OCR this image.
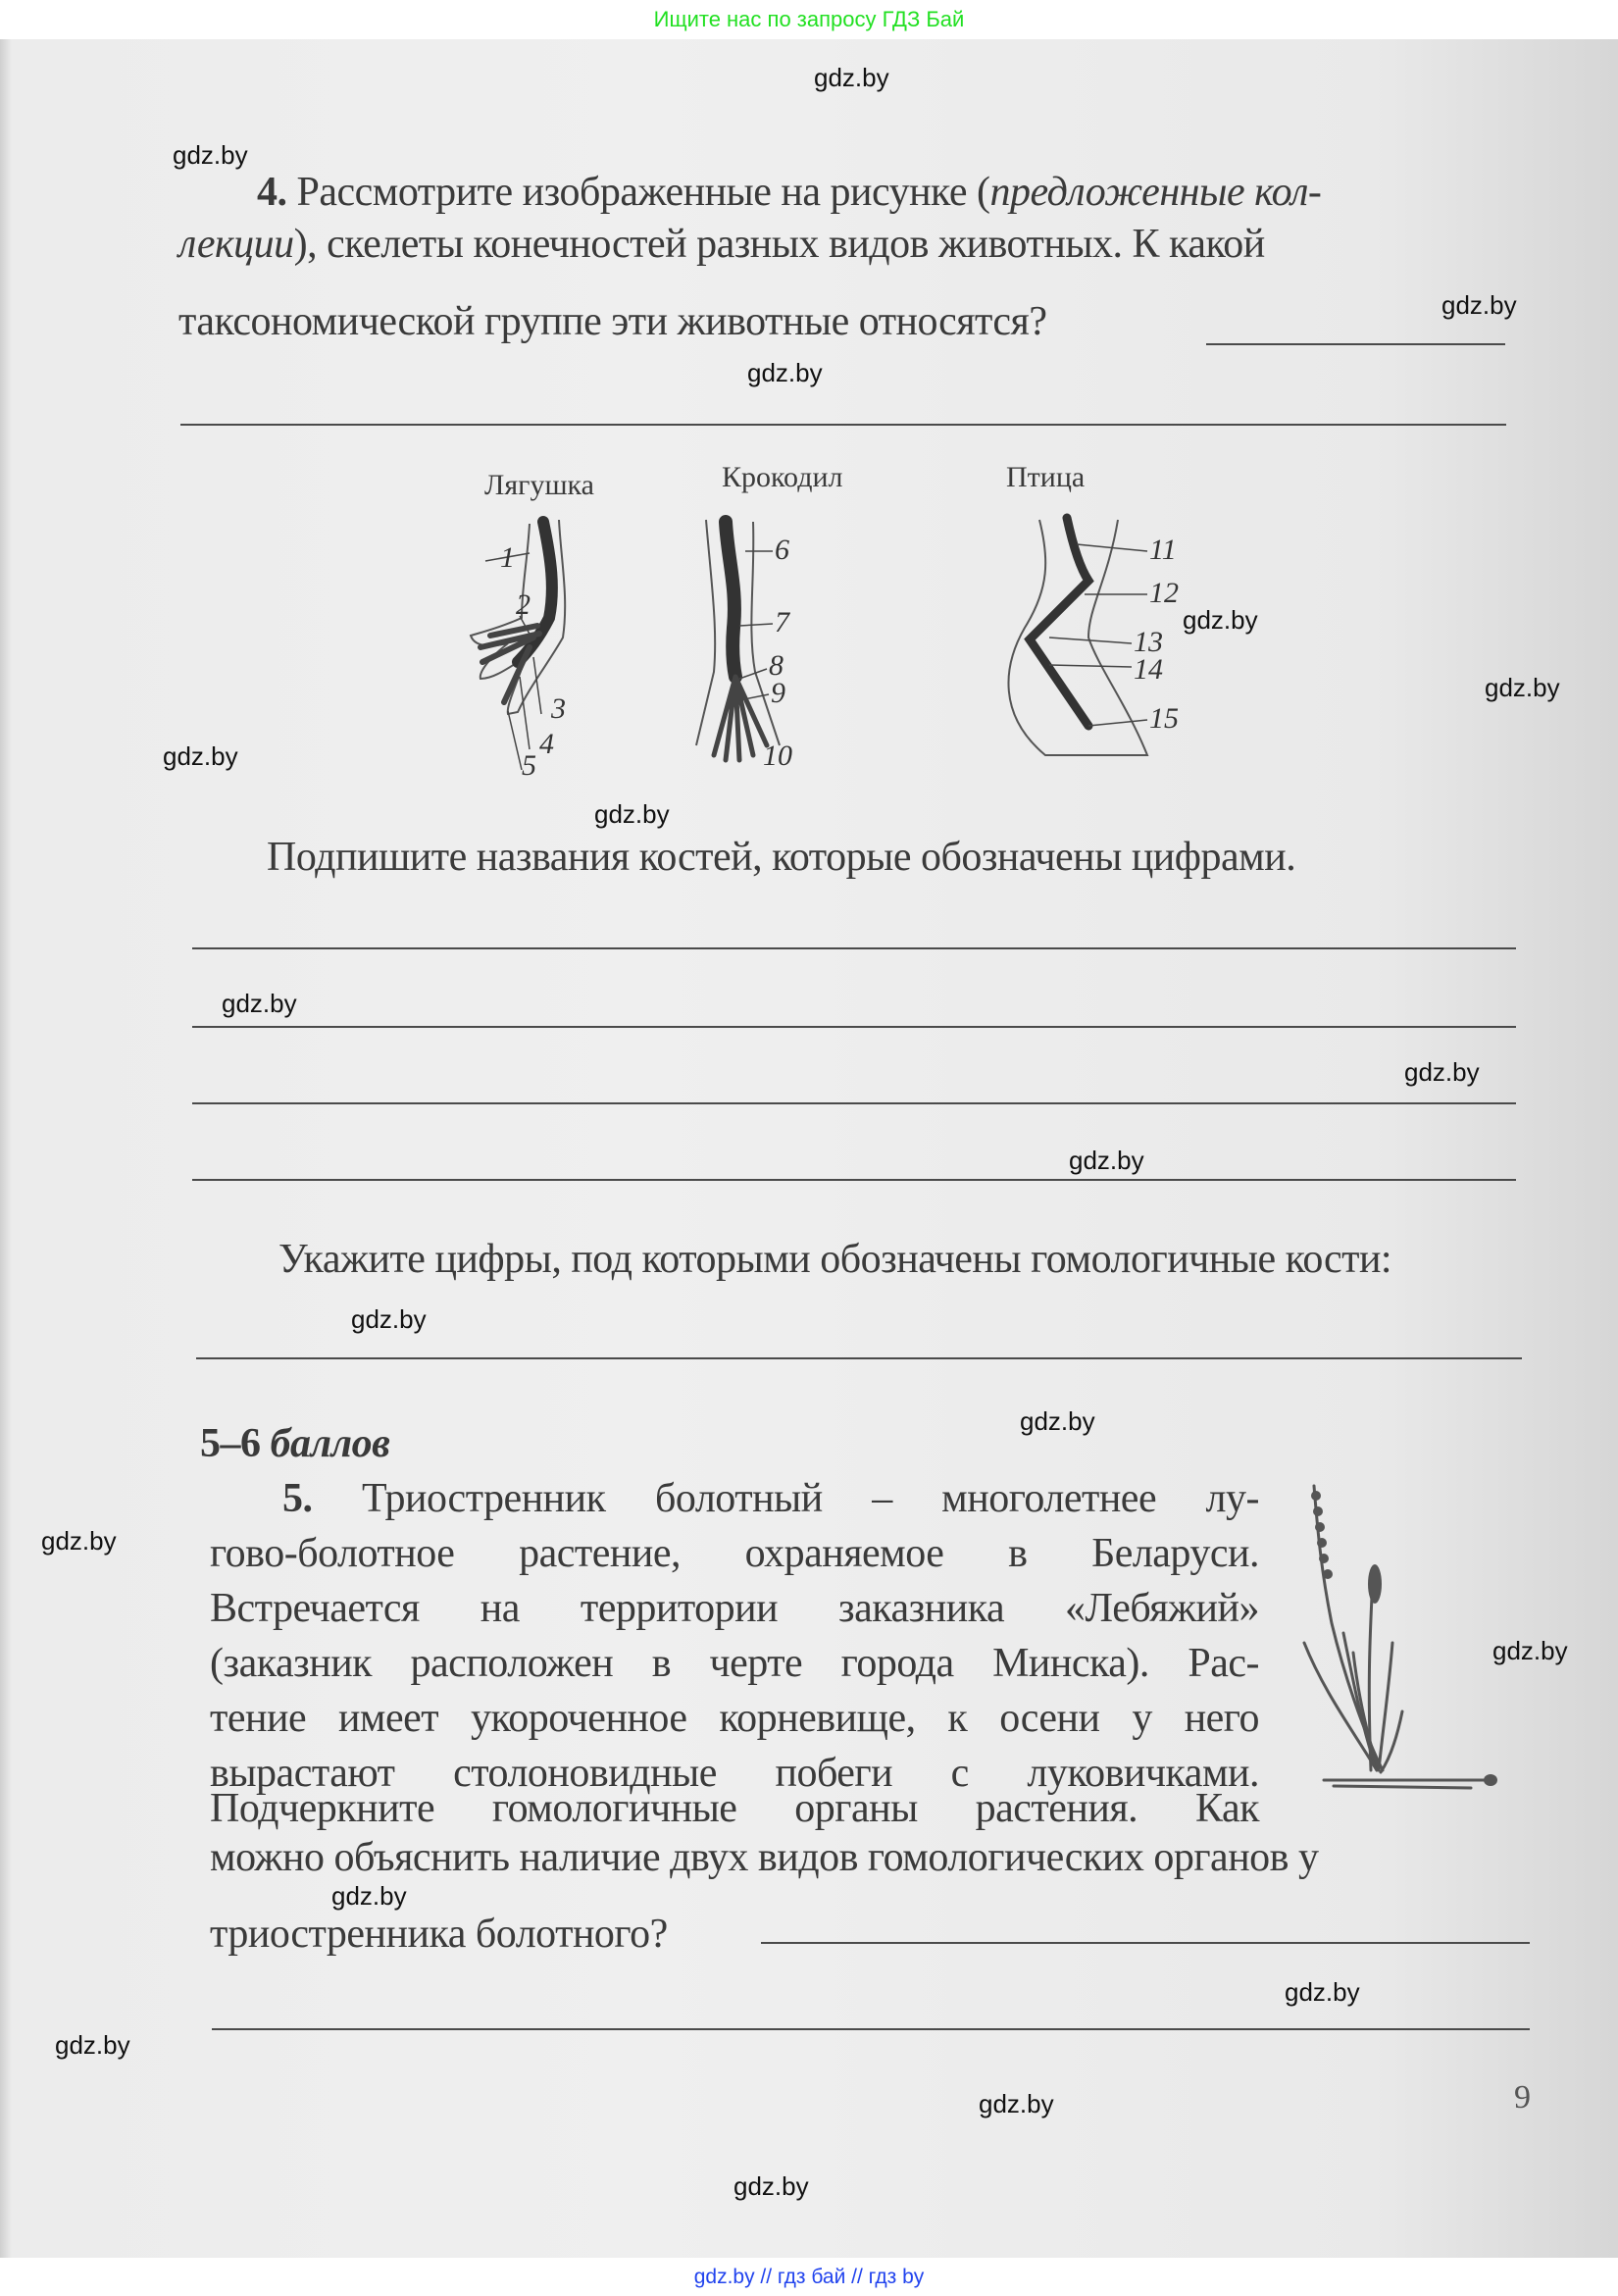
Ищите нас по запросу ГДЗ Бай
gdz.by
gdz.by
gdz.by
gdz.by
gdz.by
gdz.by
gdz.by
gdz.by
gdz.by
gdz.by
gdz.by
gdz.by
gdz.by
gdz.by
gdz.by
gdz.by
gdz.by
gdz.by
gdz.by
gdz.by
4. Рассмотрите изображенные на рисунке (предложенные кол-
лекции), скелеты конечностей разных видов животных. К какой
таксономической группе эти животные относятся?
Лягушка	Крокодил	Птица
1
2
3
4
5
6
7
8
9
10
11
12
13
14
15
Подпишите названия костей, которые обозначены цифрами.
Укажите цифры, под которыми обозначены гомологичные кости:
5–6 баллов
5. Триостренник болотный – многолетнее лу-
гово-болотное растение, охраняемое в Беларуси.
Встречается на территории заказника «Лебяжий»
(заказник расположен в черте города Минска). Рас-
тение имеет укороченное корневище, к осени у него
вырастают столоновидные побеги с луковичками.
Подчеркните гомологичные органы растения. Как
можно объяснить наличие двух видов гомологических органов у
триостренника болотного?
9
gdz.by // гдз бай // гдз by
